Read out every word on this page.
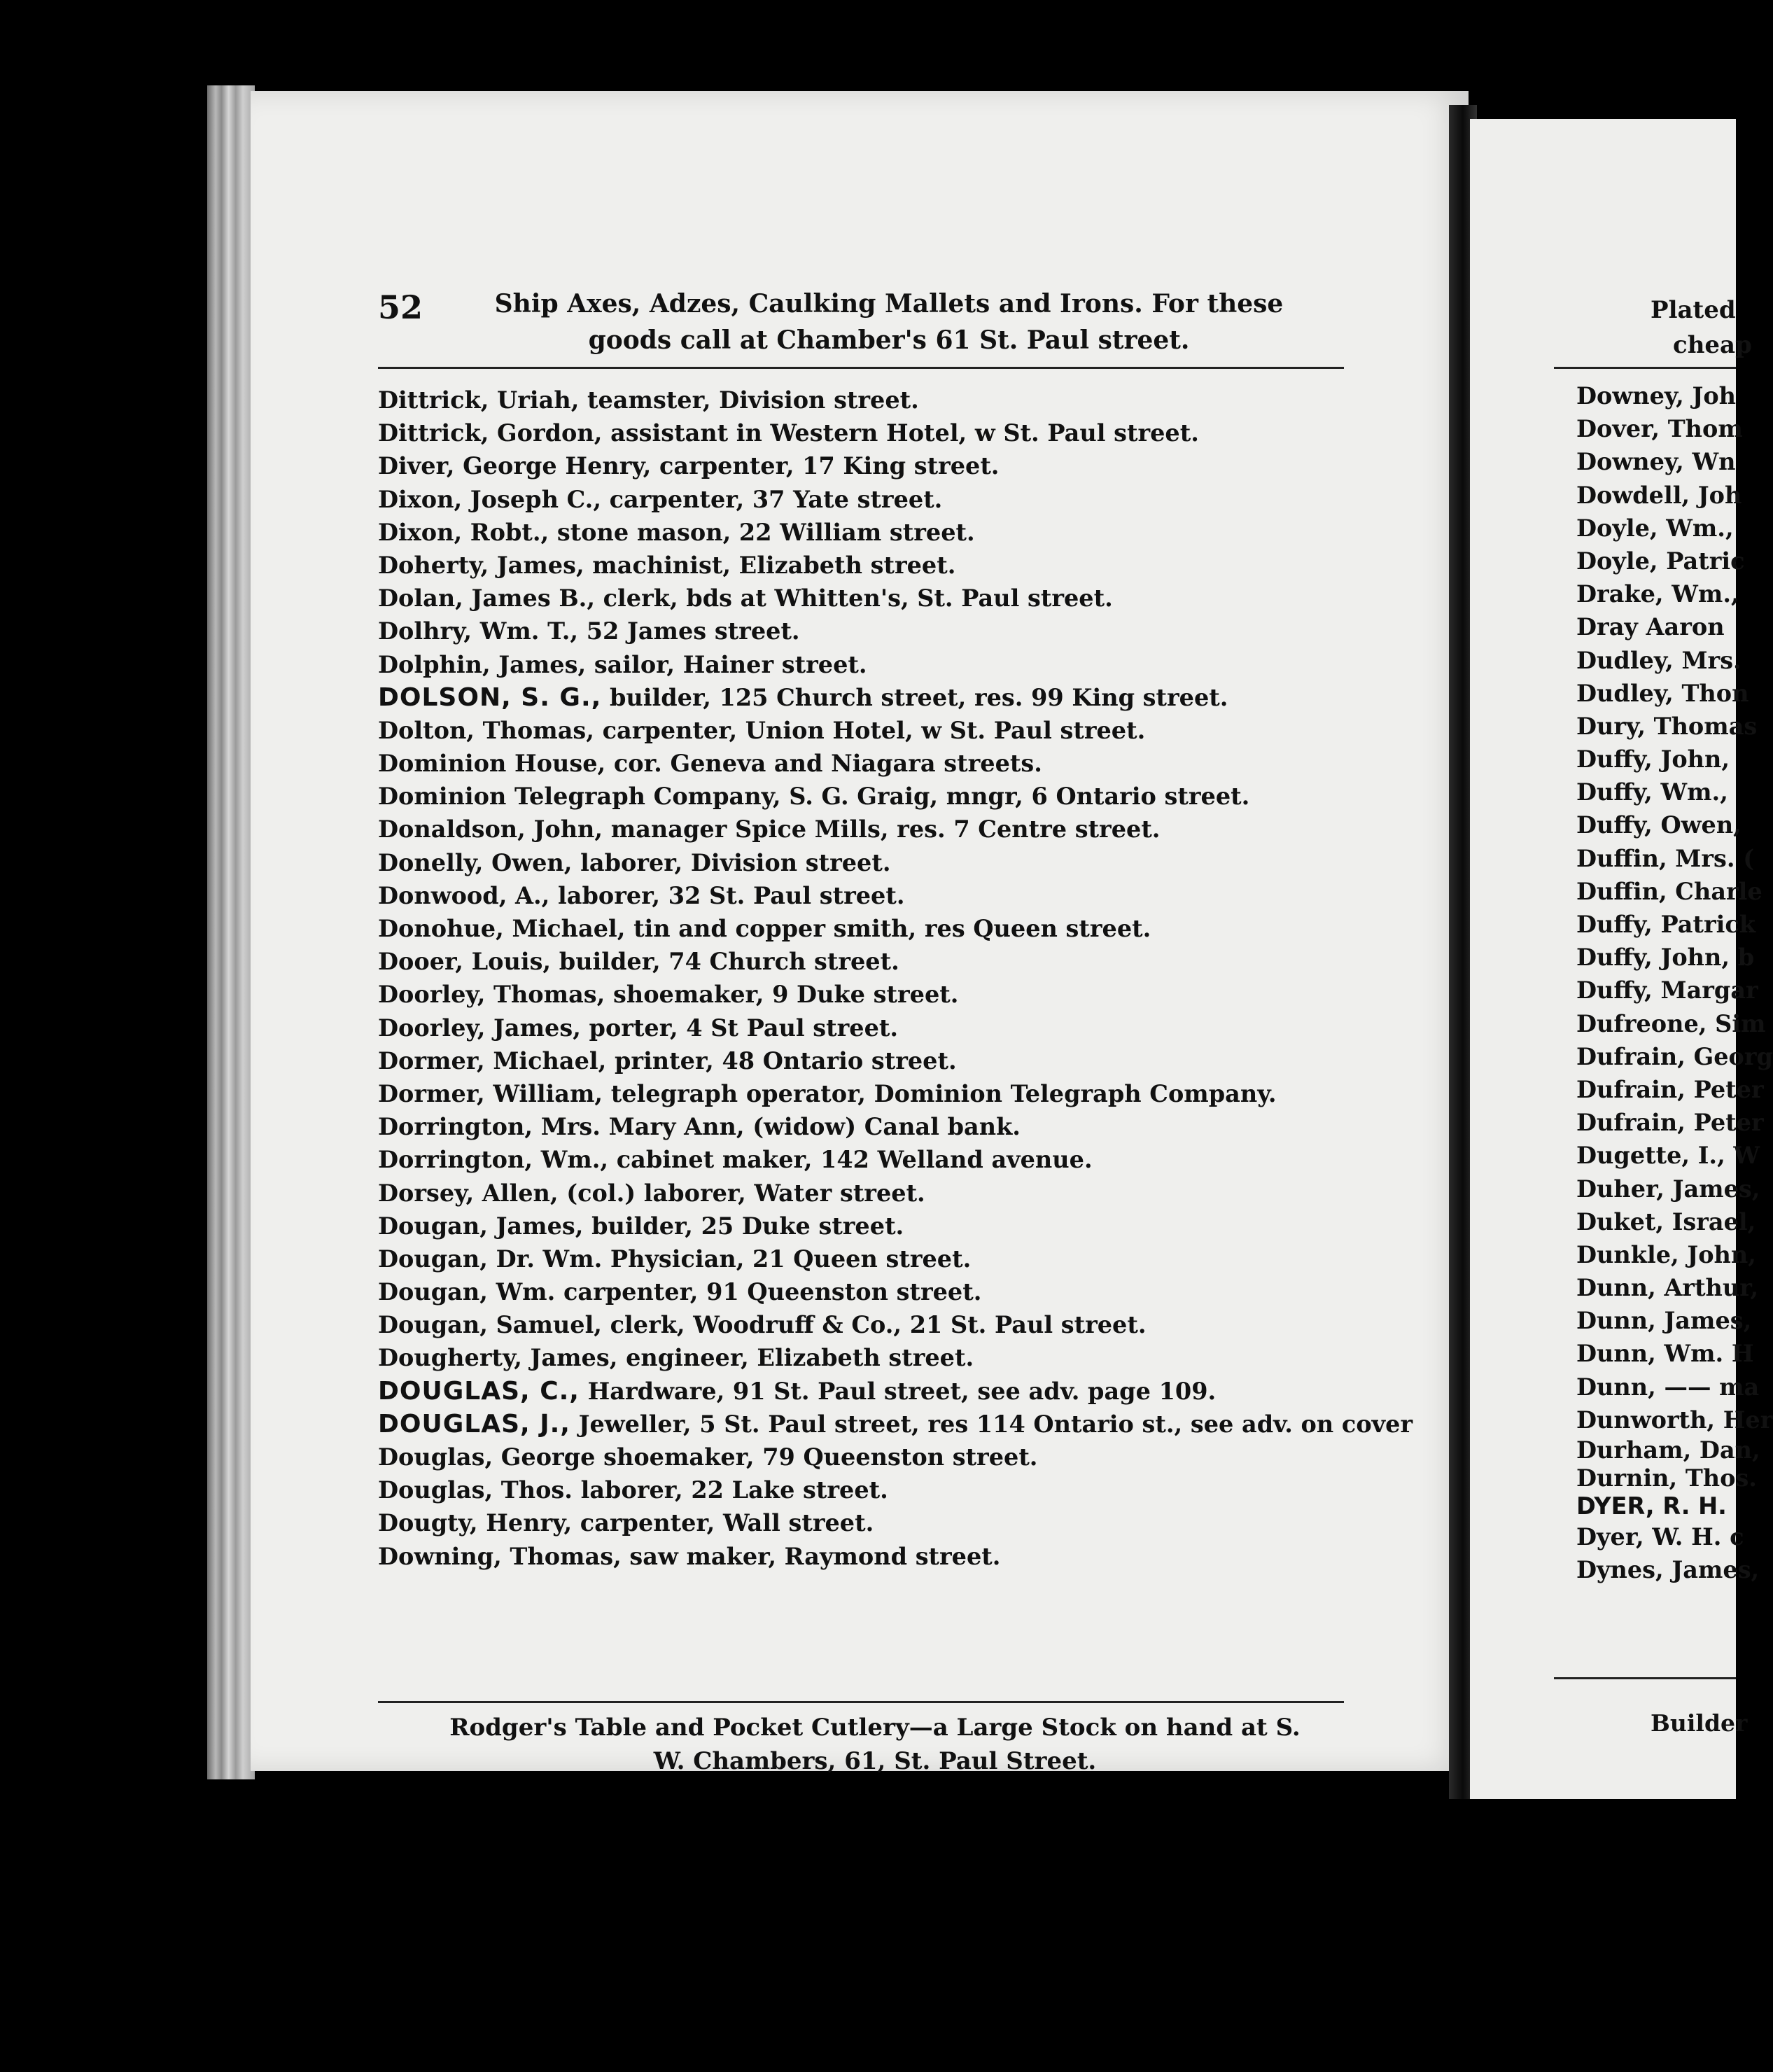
Plated
cheap

Downey, Joh
Dover, Thom
Downey, Wn
Dowdell, Joh
Doyle, Wm.,
Doyle, Patric
Drake, Wm.,
Dray Aaron
Dudley, Mrs.
Dudley, Thon
Dury, Thomas
Duffy, John,
Duffy, Wm.,
Duffy, Owen,
Duffin, Mrs. (
Duffin, Charle
Duffy, Patrick
Duffy, John, b
Duffy, Margar
Dufreone, Sim
Dufrain, Georg
Dufrain, Peter
Dufrain, Peter
Dugette, I., W
Duher, James,
Duket, Israel,
Dunkle, John,
Dunn, Arthur,
Dunn, James,
Dunn, Wm. H
Dunn, —— ma
Dunworth, Her
Durham, Dan,
Durnin, Thos.
DYER, R. H.
Dyer, W. H. c
Dynes, James,

Builder

52	Ship Axes, Adzes, Caulking Mallets and Irons. For these
goods call at Chamber's 61 St. Paul street.

Dittrick, Uriah, teamster, Division street.
Dittrick, Gordon, assistant in Western Hotel, w St. Paul street.
Diver, George Henry, carpenter, 17 King street.
Dixon, Joseph C., carpenter, 37 Yate street.
Dixon, Robt., stone mason, 22 William street.
Doherty, James, machinist, Elizabeth street.
Dolan, James B., clerk, bds at Whitten's, St. Paul street.
Dolhry, Wm. T., 52 James street.
Dolphin, James, sailor, Hainer street.
DOLSON, S. G., builder, 125 Church street, res. 99 King street.
Dolton, Thomas, carpenter, Union Hotel, w St. Paul street.
Dominion House, cor. Geneva and Niagara streets.
Dominion Telegraph Company, S. G. Graig, mngr, 6 Ontario street.
Donaldson, John, manager Spice Mills, res. 7 Centre street.
Donelly, Owen, laborer, Division street.
Donwood, A., laborer, 32 St. Paul street.
Donohue, Michael, tin and copper smith, res Queen street.
Dooer, Louis, builder, 74 Church street.
Doorley, Thomas, shoemaker, 9 Duke street.
Doorley, James, porter, 4 St Paul street.
Dormer, Michael, printer, 48 Ontario street.
Dormer, William, telegraph operator, Dominion Telegraph Company.
Dorrington, Mrs. Mary Ann, (widow) Canal bank.
Dorrington, Wm., cabinet maker, 142 Welland avenue.
Dorsey, Allen, (col.) laborer, Water street.
Dougan, James, builder, 25 Duke street.
Dougan, Dr. Wm. Physician, 21 Queen street.
Dougan, Wm. carpenter, 91 Queenston street.
Dougan, Samuel, clerk, Woodruff & Co., 21 St. Paul street.
Dougherty, James, engineer, Elizabeth street.
DOUGLAS, C., Hardware, 91 St. Paul street, see adv. page 109.
DOUGLAS, J., Jeweller, 5 St. Paul street, res 114 Ontario st., see adv. on cover
Douglas, George shoemaker, 79 Queenston street.
Douglas, Thos. laborer, 22 Lake street.
Dougty, Henry, carpenter, Wall street.
Downing, Thomas, saw maker, Raymond street.

Rodger's Table and Pocket Cutlery—a Large Stock on hand at S.
W. Chambers, 61, St. Paul Street.
